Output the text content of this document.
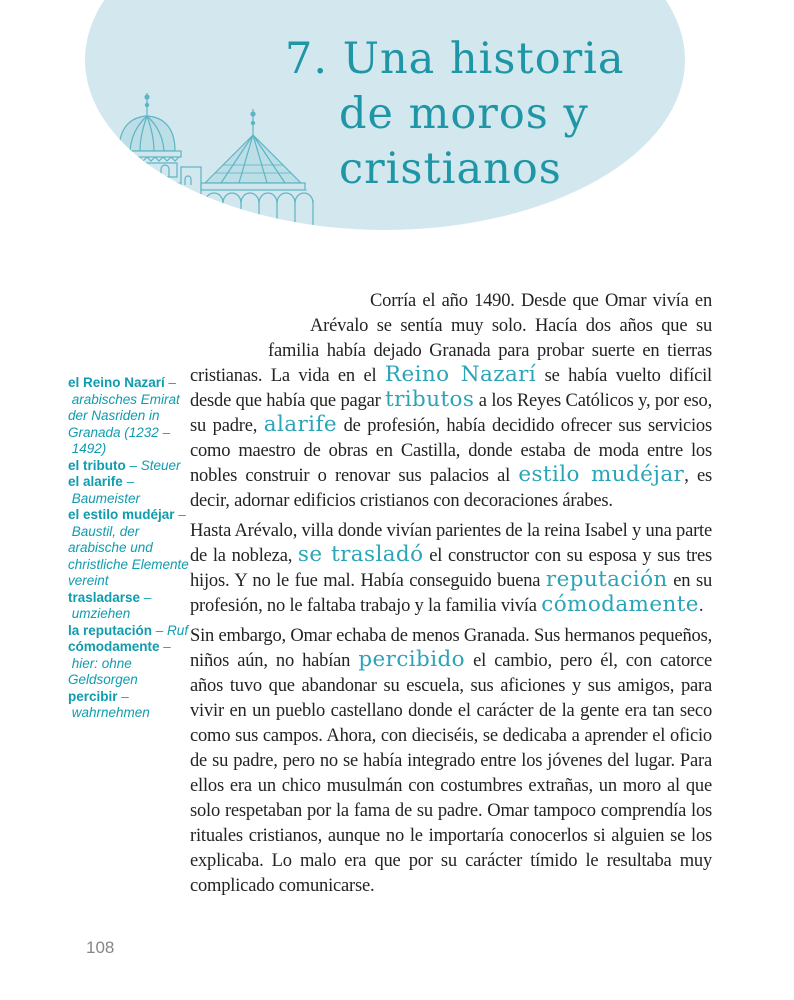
7. Una historia
de moros y
cristianos
el Reino Nazarí – arabisches Emirat der Nasriden in Granada (1232 – 1492)
el tributo – Steuer
el alarife – Baumeister
el estilo mudéjar – Baustil, der arabische und christliche Elemente vereint
trasladarse – umziehen
la reputación – Ruf
cómodamente – hier: ohne Geldsorgen
percibir – wahrnehmen

Corría el año 1490. Desde que Omar vivía en Arévalo se sentía muy solo. Hacía dos años que su familia había dejado Granada para probar suerte en tierras cristianas. La vida en el Reino Nazarí se había vuelto difícil desde que había que pagar tributos a los Reyes Católicos y, por eso, su padre, alarife de profesión, había decidido ofrecer sus servicios como maestro de obras en Castilla, donde estaba de moda entre los nobles construir o renovar sus palacios al estilo mudéjar, es decir, adornar edificios cristianos con decoraciones árabes.

Hasta Arévalo, villa donde vivían parientes de la reina Isabel y una parte de la nobleza, se trasladó el constructor con su esposa y sus tres hijos. Y no le fue mal. Había conseguido buena reputación en su profesión, no le faltaba trabajo y la familia vivía cómodamente.

Sin embargo, Omar echaba de menos Granada. Sus hermanos pequeños, niños aún, no habían percibido el cambio, pero él, con catorce años tuvo que abandonar su escuela, sus aficiones y sus amigos, para vivir en un pueblo castellano donde el carácter de la gente era tan seco como sus campos. Ahora, con dieciséis, se dedicaba a aprender el oficio de su padre, pero no se había integrado entre los jóvenes del lugar. Para ellos era un chico musulmán con costumbres extrañas, un moro al que solo respetaban por la fama de su padre. Omar tampoco comprendía los rituales cristianos, aunque no le importaría conocerlos si alguien se los explicaba. Lo malo era que por su carácter tímido le resultaba muy complicado comunicarse.

108
